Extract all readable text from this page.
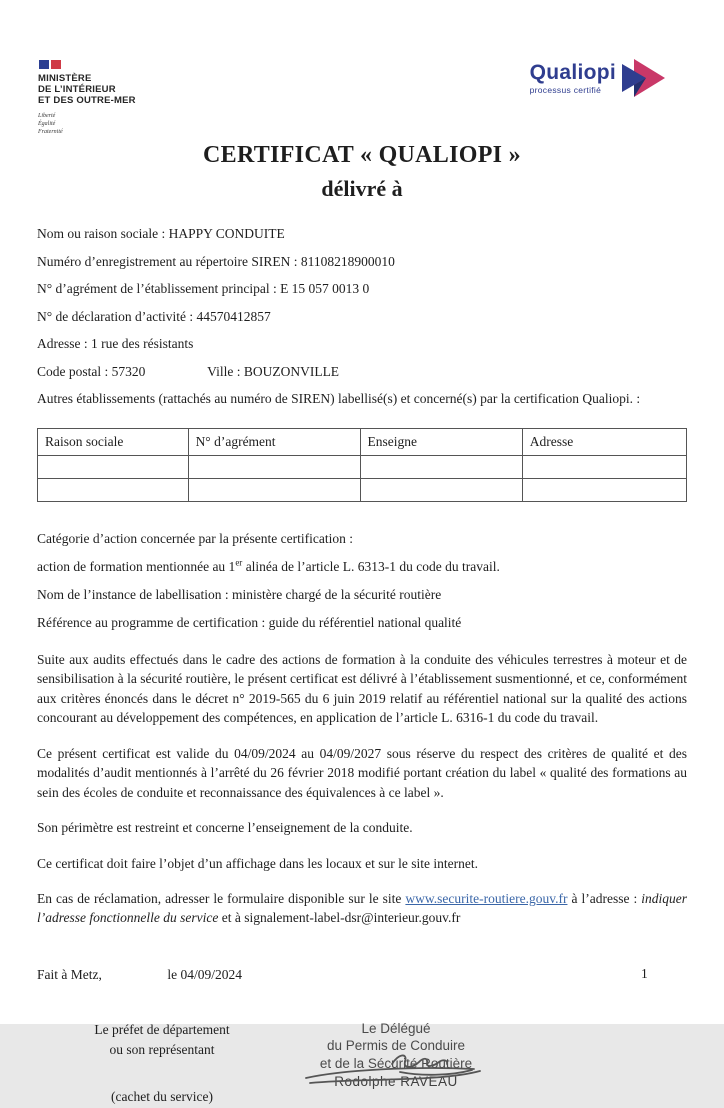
MINISTÈRE
DE L’INTÉRIEUR
ET DES OUTRE-MER
Liberté
Égalité
Fraternité
Qualiopi
processus certifié
CERTIFICAT « QUALIOPI »
délivré à
Nom ou raison sociale : HAPPY CONDUITE
Numéro d’enregistrement au répertoire SIREN : 81108218900010
N° d’agrément de l’établissement principal : E 15 057 0013 0
N° de déclaration d’activité : 44570412857
Adresse : 1 rue des résistants
Code postal : 57320	Ville : BOUZONVILLE
Autres établissements (rattachés au numéro de SIREN) labellisé(s) et concerné(s) par la certification Qualiopi. :
Raison sociale	N° d’agrément	Enseigne	Adresse

Catégorie d’action concernée par la présente certification :
action de formation mentionnée au 1er alinéa de l’article L. 6313-1 du code du travail.
Nom de l’instance de labellisation : ministère chargé de la sécurité routière
Référence au programme de certification : guide du référentiel national qualité
Suite aux audits effectués dans le cadre des actions de formation à la conduite des véhicules terrestres à moteur et de sensibilisation à la sécurité routière, le présent certificat est délivré à l’établissement susmentionné, et ce, conformément aux critères énoncés dans le décret n° 2019-565 du 6 juin 2019 relatif au référentiel national sur la qualité des actions concourant au développement des compétences, en application de l’article L. 6316-1 du code du travail.
Ce présent certificat est valide du 04/09/2024 au 04/09/2027 sous réserve du respect des critères de qualité et des modalités d’audit mentionnés à l’arrêté du 26 février 2018 modifié portant création du label « qualité des formations au sein des écoles de conduite et reconnaissance des équivalences à ce label ».
Son périmètre est restreint et concerne l’enseignement de la conduite.
Ce certificat doit faire l’objet d’un affichage dans les locaux et sur le site internet.
En cas de réclamation, adresser le formulaire disponible sur le site www.securite-routiere.gouv.fr à l’adresse : indiquer l’adresse fonctionnelle du service et à signalement-label-dsr@interieur.gouv.fr
Fait à Metz,	le 04/09/2024
Le préfet de département
ou son représentant
(cachet du service)
Le Délégué
du Permis de Conduire
et de la Sécurité Routière
Rodolphe RAVEAU
1
